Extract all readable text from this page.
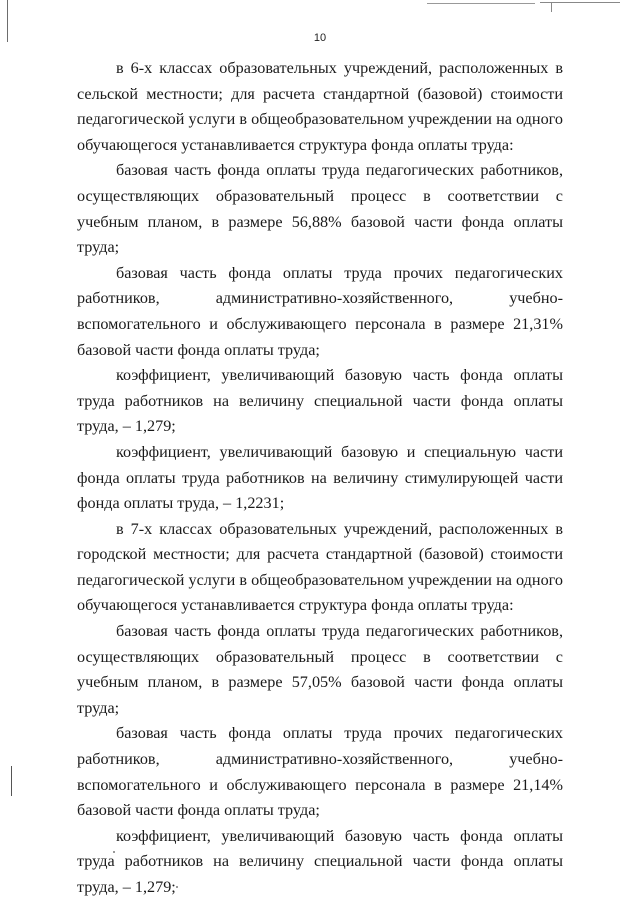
10

в 6-х классах образовательных учреждений, расположенных в сельской местности; для расчета стандартной (базовой) стоимости педагогической услуги в общеобразовательном учреждении на одного обучающегося устанавливается структура фонда оплаты труда:

базовая часть фонда оплаты труда педагогических работников, осуществляющих образовательный процесс в соответствии с учебным планом, в размере 56,88% базовой части фонда оплаты труда;

базовая часть фонда оплаты труда прочих педагогических работников, административно-хозяйственного, учебно-вспомогательного и обслуживающего персонала в размере 21,31% базовой части фонда оплаты труда;

коэффициент, увеличивающий базовую часть фонда оплаты труда работников на величину специальной части фонда оплаты труда, – 1,279;

коэффициент, увеличивающий базовую и специальную части фонда оплаты труда работников на величину стимулирующей части фонда оплаты труда, – 1,2231;

в 7-х классах образовательных учреждений, расположенных в городской местности; для расчета стандартной (базовой) стоимости педагогической услуги в общеобразовательном учреждении на одного обучающегося устанавливается структура фонда оплаты труда:

базовая часть фонда оплаты труда педагогических работников, осуществляющих образовательный процесс в соответствии с учебным планом, в размере 57,05% базовой части фонда оплаты труда;

базовая часть фонда оплаты труда прочих педагогических работников, административно-хозяйственного, учебно-вспомогательного и обслуживающего персонала в размере 21,14% базовой части фонда оплаты труда;

коэффициент, увеличивающий базовую часть фонда оплаты труда работников на величину специальной части фонда оплаты труда, – 1,279;
